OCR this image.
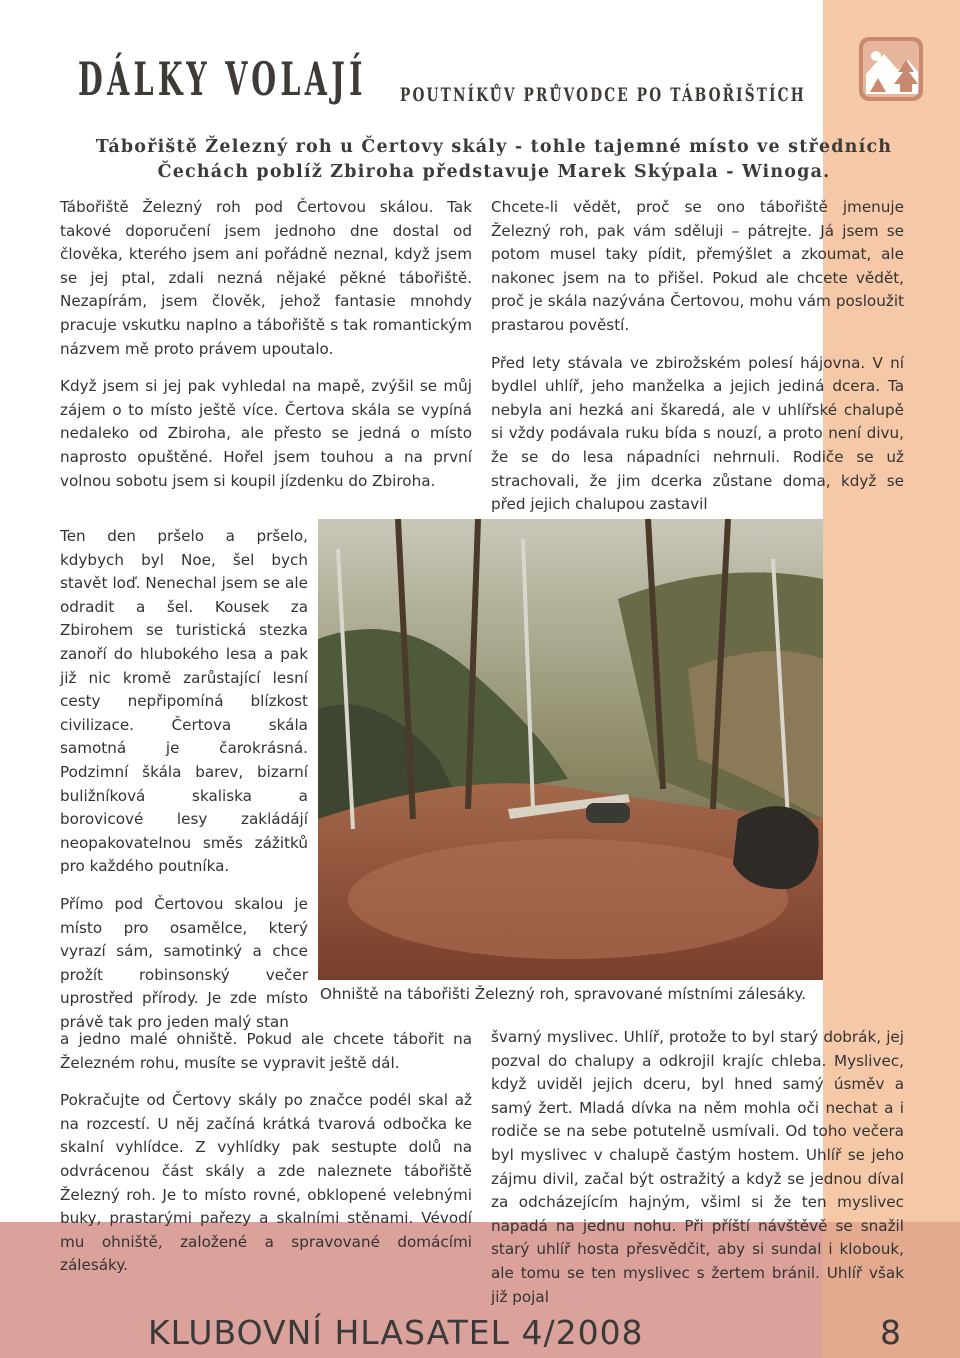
DÁLKY VOLAJÍ POUTNÍKŮV PRŮVODCE PO TÁBOŘIŠTÍCH
Tábořiště Železný roh u Čertovy skály - tohle tajemné místo ve středních Čechách poblíž Zbiroha představuje Marek Skýpala - Winoga.

Tábořiště Železný roh pod Čertovou skálou. Tak takové doporučení jsem jednoho dne dostal od člověka, kterého jsem ani pořádně neznal, když jsem se jej ptal, zdali nezná nějaké pěkné tábořiště. Nezapírám, jsem člověk, jehož fantasie mnohdy pracuje vskutku naplno a tábořiště s tak romantickým názvem mě proto právem upoutalo.

Když jsem si jej pak vyhledal na mapě, zvýšil se můj zájem o to místo ještě více. Čertova skála se vypíná nedaleko od Zbiroha, ale přesto se jedná o místo naprosto opuštěné. Hořel jsem touhou a na první volnou sobotu jsem si koupil jízdenku do Zbiroha.

Chcete-li vědět, proč se ono tábořiště jmenuje Železný roh, pak vám sděluji – pátrejte. Já jsem se potom musel taky pídit, přemýšlet a zkoumat, ale nakonec jsem na to přišel. Pokud ale chcete vědět, proč je skála nazývána Čertovou, mohu vám posloužit prastarou pověstí.

Před lety stávala ve zbirožském polesí hájovna. V ní bydlel uhlíř, jeho manželka a jejich jediná dcera. Ta nebyla ani hezká ani škaredá, ale v uhlířské chalupě si vždy podávala ruku bída s nouzí, a proto není divu, že se do lesa nápadníci nehrnuli. Rodiče se už strachovali, že jim dcerka zůstane doma, když se před jejich chalupou zastavil

Ten den pršelo a pršelo, kdybych byl Noe, šel bych stavět loď. Nenechal jsem se ale odradit a šel. Kousek za Zbirohem se turistická stezka zanoří do hlubokého lesa a pak již nic kromě zarůstající lesní cesty nepřipomíná blízkost civilizace. Čertova skála samotná je čarokrásná. Podzimní škála barev, bizarní buližníková skaliska a borovicové lesy zakládájí neopakovatelnou směs zážitků pro každého poutníka.

Přímo pod Čertovou skalou je místo pro osamělce, který vyrazí sám, samotinký a chce prožít robinsonský večer uprostřed přírody. Je zde místo právě tak pro jeden malý stan

Ohniště na tábořišti Železný roh, spravované místními zálesáky.

a jedno malé ohniště. Pokud ale chcete tábořit na Železném rohu, musíte se vypravit ještě dál.

Pokračujte od Čertovy skály po značce podél skal až na rozcestí. U něj začíná krátká tvarová odbočka ke skalní vyhlídce. Z vyhlídky pak sestupte dolů na odvrácenou část skály a zde naleznete tábořiště Železný roh. Je to místo rovné, obklopené velebnými buky, prastarými pařezy a skalními stěnami. Vévodí mu ohniště, založené a spravované domácími zálesáky.

švarný myslivec. Uhlíř, protože to byl starý dobrák, jej pozval do chalupy a odkrojil krajíc chleba. Myslivec, když uviděl jejich dceru, byl hned samý úsměv a samý žert. Mladá dívka na něm mohla oči nechat a i rodiče se na sebe potutelně usmívali. Od toho večera byl myslivec v chalupě častým hostem. Uhlíř se jeho zájmu divil, začal být ostražitý a když se jednou díval za odcházejícím hajným, všiml si že ten myslivec napadá na jednu nohu. Při příští návštěvě se snažil starý uhlíř hosta přesvědčit, aby si sundal i klobouk, ale tomu se ten myslivec s žertem bránil. Uhlíř však již pojal

KLUBOVNÍ HLASATEL 4/2008	8
